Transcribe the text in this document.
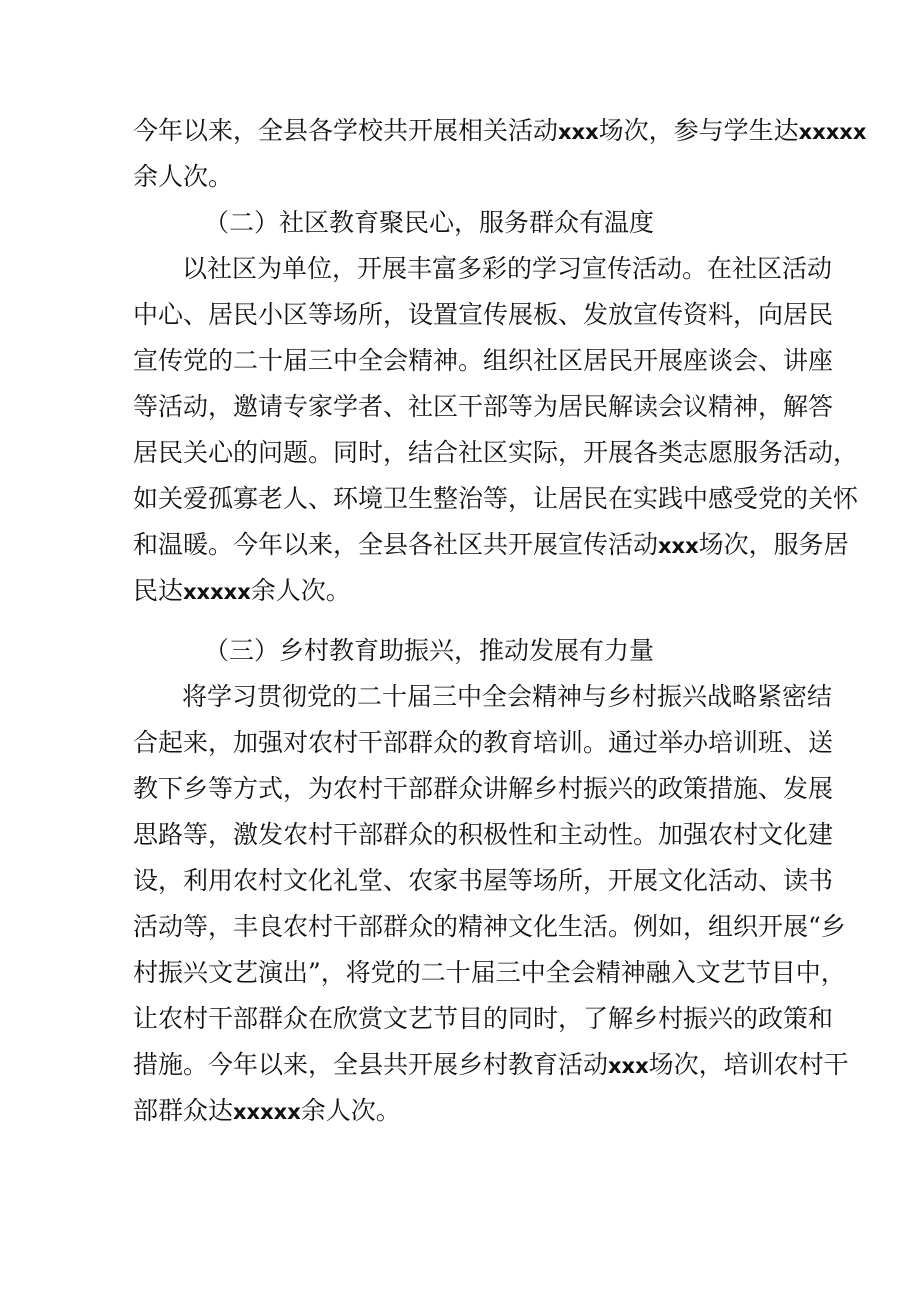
今年以来，全县各学校共开展相关活动xxx场次，参与学生达xxxxx
余人次。
（二）社区教育聚民心，服务群众有温度
以社区为单位，开展丰富多彩的学习宣传活动。在社区活动
中心、居民小区等场所，设置宣传展板、发放宣传资料，向居民
宣传党的二十届三中全会精神。组织社区居民开展座谈会、讲座
等活动，邀请专家学者、社区干部等为居民解读会议精神，解答
居民关心的问题。同时，结合社区实际，开展各类志愿服务活动，
如关爱孤寡老人、环境卫生整治等，让居民在实践中感受党的关怀
和温暖。今年以来，全县各社区共开展宣传活动xxx场次，服务居
民达xxxxx余人次。
（三）乡村教育助振兴，推动发展有力量
将学习贯彻党的二十届三中全会精神与乡村振兴战略紧密结
合起来，加强对农村干部群众的教育培训。通过举办培训班、送
教下乡等方式，为农村干部群众讲解乡村振兴的政策措施、发展
思路等，激发农村干部群众的积极性和主动性。加强农村文化建
设，利用农村文化礼堂、农家书屋等场所，开展文化活动、读书
活动等，丰良农村干部群众的精神文化生活。例如，组织开展“乡
村振兴文艺演出”，将党的二十届三中全会精神融入文艺节目中，
让农村干部群众在欣赏文艺节目的同时，了解乡村振兴的政策和
措施。今年以来，全县共开展乡村教育活动xxx场次，培训农村干
部群众达xxxxx余人次。
